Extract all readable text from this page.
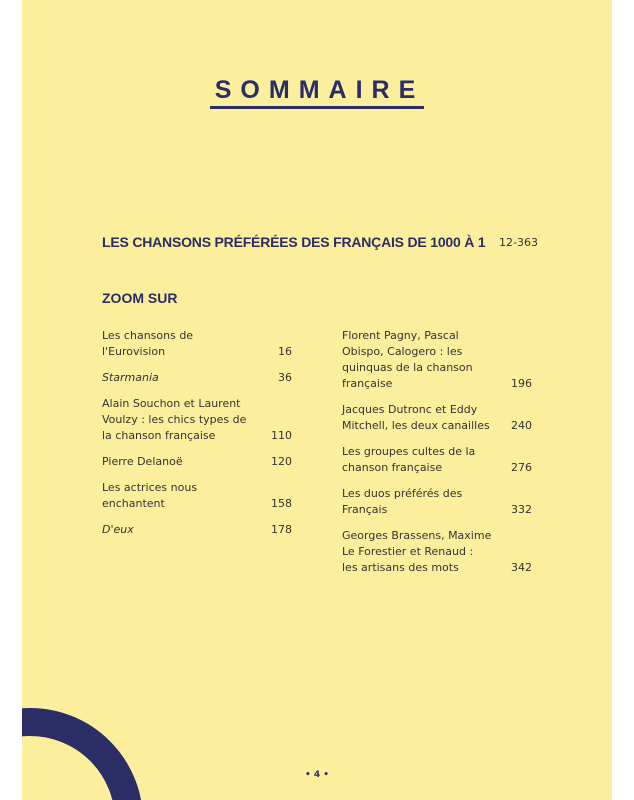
SOMMAIRE
LES CHANSONS PRÉFÉRÉES DES FRANÇAIS DE 1000 À 1 12-363
ZOOM SUR
Les chansons de l'Eurovision	16
Starmania	36
Alain Souchon et Laurent Voulzy : les chics types de la chanson française	110
Pierre Delanoë	120
Les actrices nous enchantent	158
D'eux	178
Florent Pagny, Pascal Obispo, Calogero : les quinquas de la chanson française	196
Jacques Dutronc et Eddy Mitchell, les deux canailles 240
Les groupes cultes de la chanson française	276
Les duos préférés des Français	332
Georges Brassens, Maxime Le Forestier et Renaud : les artisans des mots	342
• 4 •
